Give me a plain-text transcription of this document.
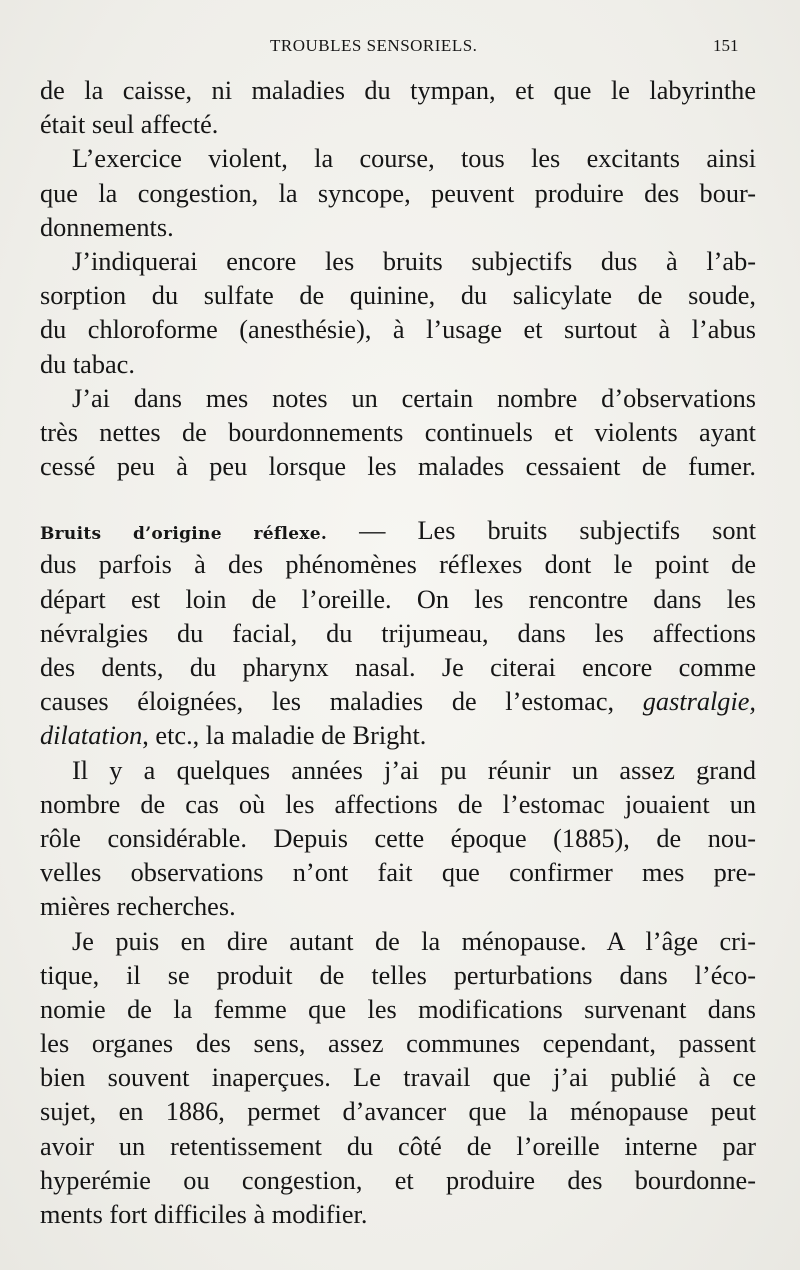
TROUBLES SENSORIELS.	151
de la caisse, ni maladies du tympan, et que le labyrinthe
était seul affecté.
L’exercice violent, la course, tous les excitants ainsi
que la congestion, la syncope, peuvent produire des bour-
donnements.
J’indiquerai encore les bruits subjectifs dus à l’ab-
sorption du sulfate de quinine, du salicylate de soude,
du chloroforme (anesthésie), à l’usage et surtout à l’abus
du tabac.
J’ai dans mes notes un certain nombre d’observations
très nettes de bourdonnements continuels et violents ayant
cessé peu à peu lorsque les malades cessaient de fumer.
Bruits d’origine réflexe. — Les bruits subjectifs sont
dus parfois à des phénomènes réflexes dont le point de
départ est loin de l’oreille. On les rencontre dans les
névralgies du facial, du trijumeau, dans les affections
des dents, du pharynx nasal. Je citerai encore comme
causes éloignées, les maladies de l’estomac, gastralgie,
dilatation, etc., la maladie de Bright.
Il y a quelques années j’ai pu réunir un assez grand
nombre de cas où les affections de l’estomac jouaient un
rôle considérable. Depuis cette époque (1885), de nou-
velles observations n’ont fait que confirmer mes pre-
mières recherches.
Je puis en dire autant de la ménopause. A l’âge cri-
tique, il se produit de telles perturbations dans l’éco-
nomie de la femme que les modifications survenant dans
les organes des sens, assez communes cependant, passent
bien souvent inaperçues. Le travail que j’ai publié à ce
sujet, en 1886, permet d’avancer que la ménopause peut
avoir un retentissement du côté de l’oreille interne par
hyperémie ou congestion, et produire des bourdonne-
ments fort difficiles à modifier.
